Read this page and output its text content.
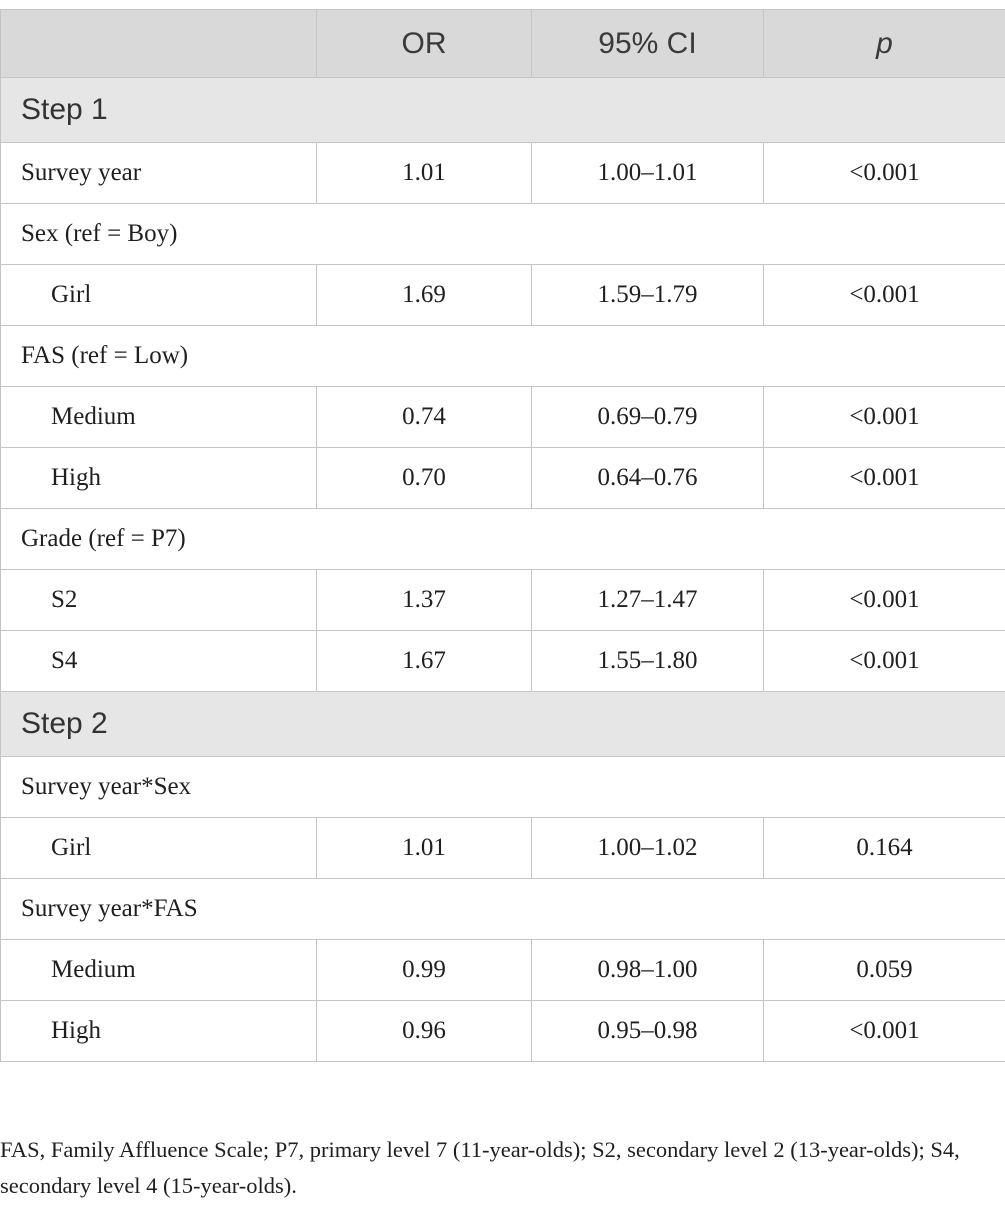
	OR	95% CI	p
Step 1			
Survey year	1.01	1.00–1.01	<0.001
Sex (ref = Boy)			
Girl	1.69	1.59–1.79	<0.001
FAS (ref = Low)			
Medium	0.74	0.69–0.79	<0.001
High	0.70	0.64–0.76	<0.001
Grade (ref = P7)			
S2	1.37	1.27–1.47	<0.001
S4	1.67	1.55–1.80	<0.001
Step 2			
Survey year*Sex			
Girl	1.01	1.00–1.02	0.164
Survey year*FAS			
Medium	0.99	0.98–1.00	0.059
High	0.96	0.95–0.98	<0.001

FAS, Family Affluence Scale; P7, primary level 7 (11-year-olds); S2, secondary level 2 (13-year-olds); S4, secondary level 4 (15-year-olds).
